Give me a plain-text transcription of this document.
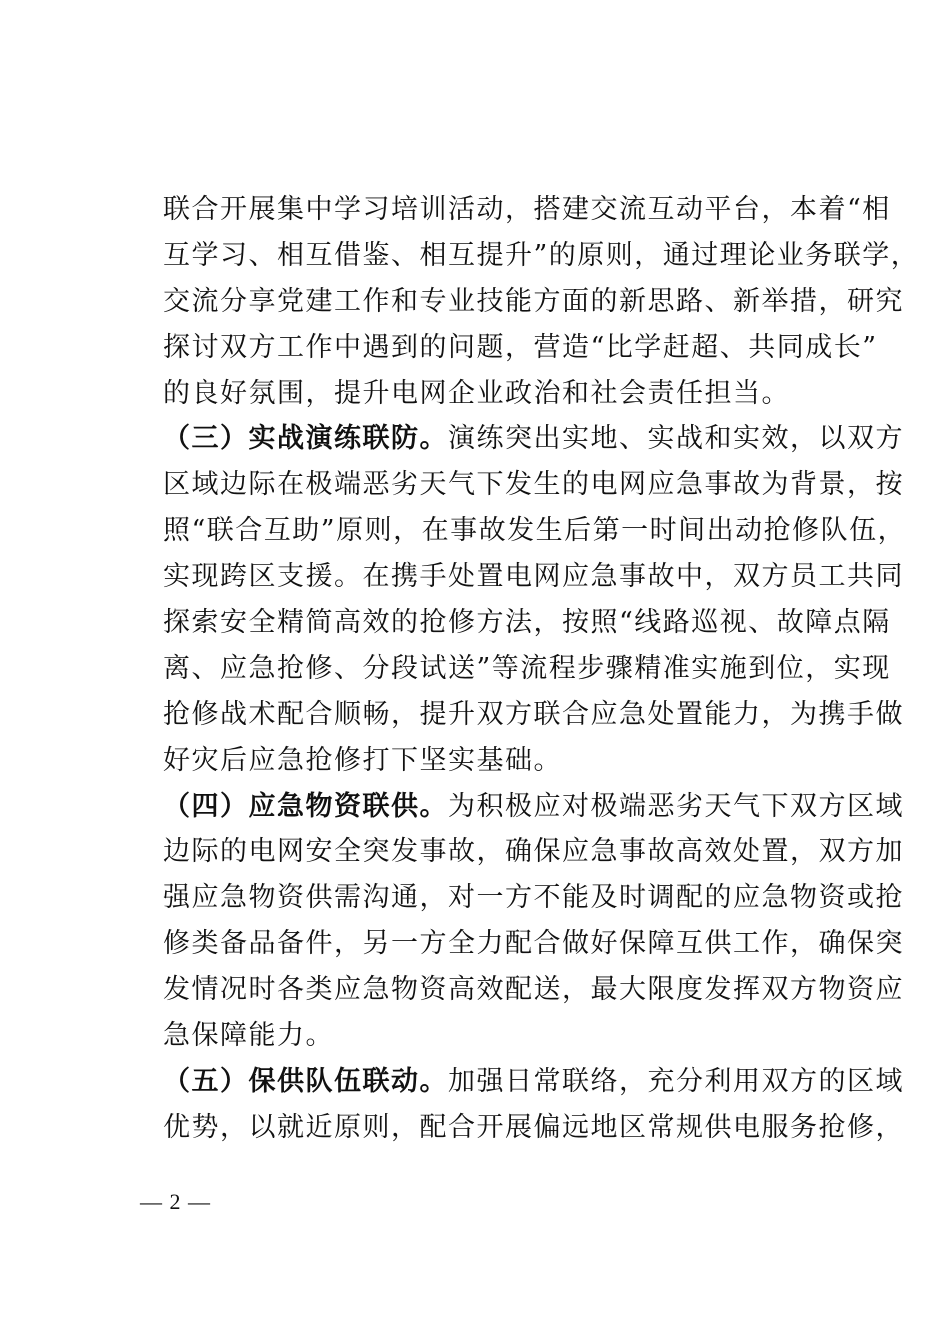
联合开展集中学习培训活动，搭建交流互动平台，本着“相
互学习、相互借鉴、相互提升”的原则，通过理论业务联学，
交流分享党建工作和专业技能方面的新思路、新举措，研究
探讨双方工作中遇到的问题，营造“比学赶超、共同成长”
的良好氛围，提升电网企业政治和社会责任担当。
（三）实战演练联防。演练突出实地、实战和实效，以双方
区域边际在极端恶劣天气下发生的电网应急事故为背景，按
照“联合互助”原则，在事故发生后第一时间出动抢修队伍，
实现跨区支援。在携手处置电网应急事故中，双方员工共同
探索安全精简高效的抢修方法，按照“线路巡视、故障点隔
离、应急抢修、分段试送”等流程步骤精准实施到位，实现
抢修战术配合顺畅，提升双方联合应急处置能力，为携手做
好灾后应急抢修打下坚实基础。
（四）应急物资联供。为积极应对极端恶劣天气下双方区域
边际的电网安全突发事故，确保应急事故高效处置，双方加
强应急物资供需沟通，对一方不能及时调配的应急物资或抢
修类备品备件，另一方全力配合做好保障互供工作，确保突
发情况时各类应急物资高效配送，最大限度发挥双方物资应
急保障能力。
（五）保供队伍联动。加强日常联络，充分利用双方的区域
优势，以就近原则，配合开展偏远地区常规供电服务抢修，
— 2 —
